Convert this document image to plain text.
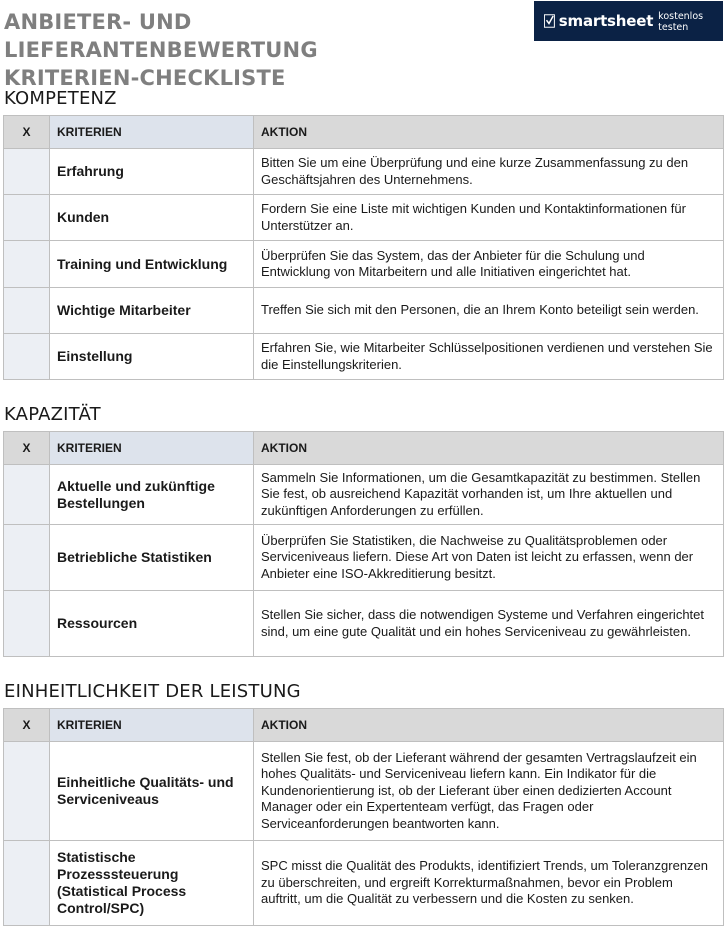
ANBIETER- UND LIEFERANTENBEWERTUNG
KRITERIEN-CHECKLISTE
smartsheet kostenlos testen
KOMPETENZ
X	KRITERIEN	AKTION
	Erfahrung	Bitten Sie um eine Überprüfung und eine kurze Zusammenfassung zu den Geschäftsjahren des Unternehmens.
	Kunden	Fordern Sie eine Liste mit wichtigen Kunden und Kontaktinformationen für Unterstützer an.
	Training und Entwicklung	Überprüfen Sie das System, das der Anbieter für die Schulung und Entwicklung von Mitarbeitern und alle Initiativen eingerichtet hat.
	Wichtige Mitarbeiter	Treffen Sie sich mit den Personen, die an Ihrem Konto beteiligt sein werden.
	Einstellung	Erfahren Sie, wie Mitarbeiter Schlüsselpositionen verdienen und verstehen Sie die Einstellungskriterien.
KAPAZITÄT
X	KRITERIEN	AKTION
	Aktuelle und zukünftige Bestellungen	Sammeln Sie Informationen, um die Gesamtkapazität zu bestimmen. Stellen Sie fest, ob ausreichend Kapazität vorhanden ist, um Ihre aktuellen und zukünftigen Anforderungen zu erfüllen.
	Betriebliche Statistiken	Überprüfen Sie Statistiken, die Nachweise zu Qualitätsproblemen oder Serviceniveaus liefern. Diese Art von Daten ist leicht zu erfassen, wenn der Anbieter eine ISO-Akkreditierung besitzt.
	Ressourcen	Stellen Sie sicher, dass die notwendigen Systeme und Verfahren eingerichtet sind, um eine gute Qualität und ein hohes Serviceniveau zu gewährleisten.
EINHEITLICHKEIT DER LEISTUNG
X	KRITERIEN	AKTION
	Einheitliche Qualitäts- und Serviceniveaus	Stellen Sie fest, ob der Lieferant während der gesamten Vertragslaufzeit ein hohes Qualitäts- und Serviceniveau liefern kann. Ein Indikator für die Kundenorientierung ist, ob der Lieferant über einen dedizierten Account Manager oder ein Expertenteam verfügt, das Fragen oder Serviceanforderungen beantworten kann.
	Statistische Prozesssteuerung (Statistical Process Control/SPC)	SPC misst die Qualität des Produkts, identifiziert Trends, um Toleranzgrenzen zu überschreiten, und ergreift Korrekturmaßnahmen, bevor ein Problem auftritt, um die Qualität zu verbessern und die Kosten zu senken.
